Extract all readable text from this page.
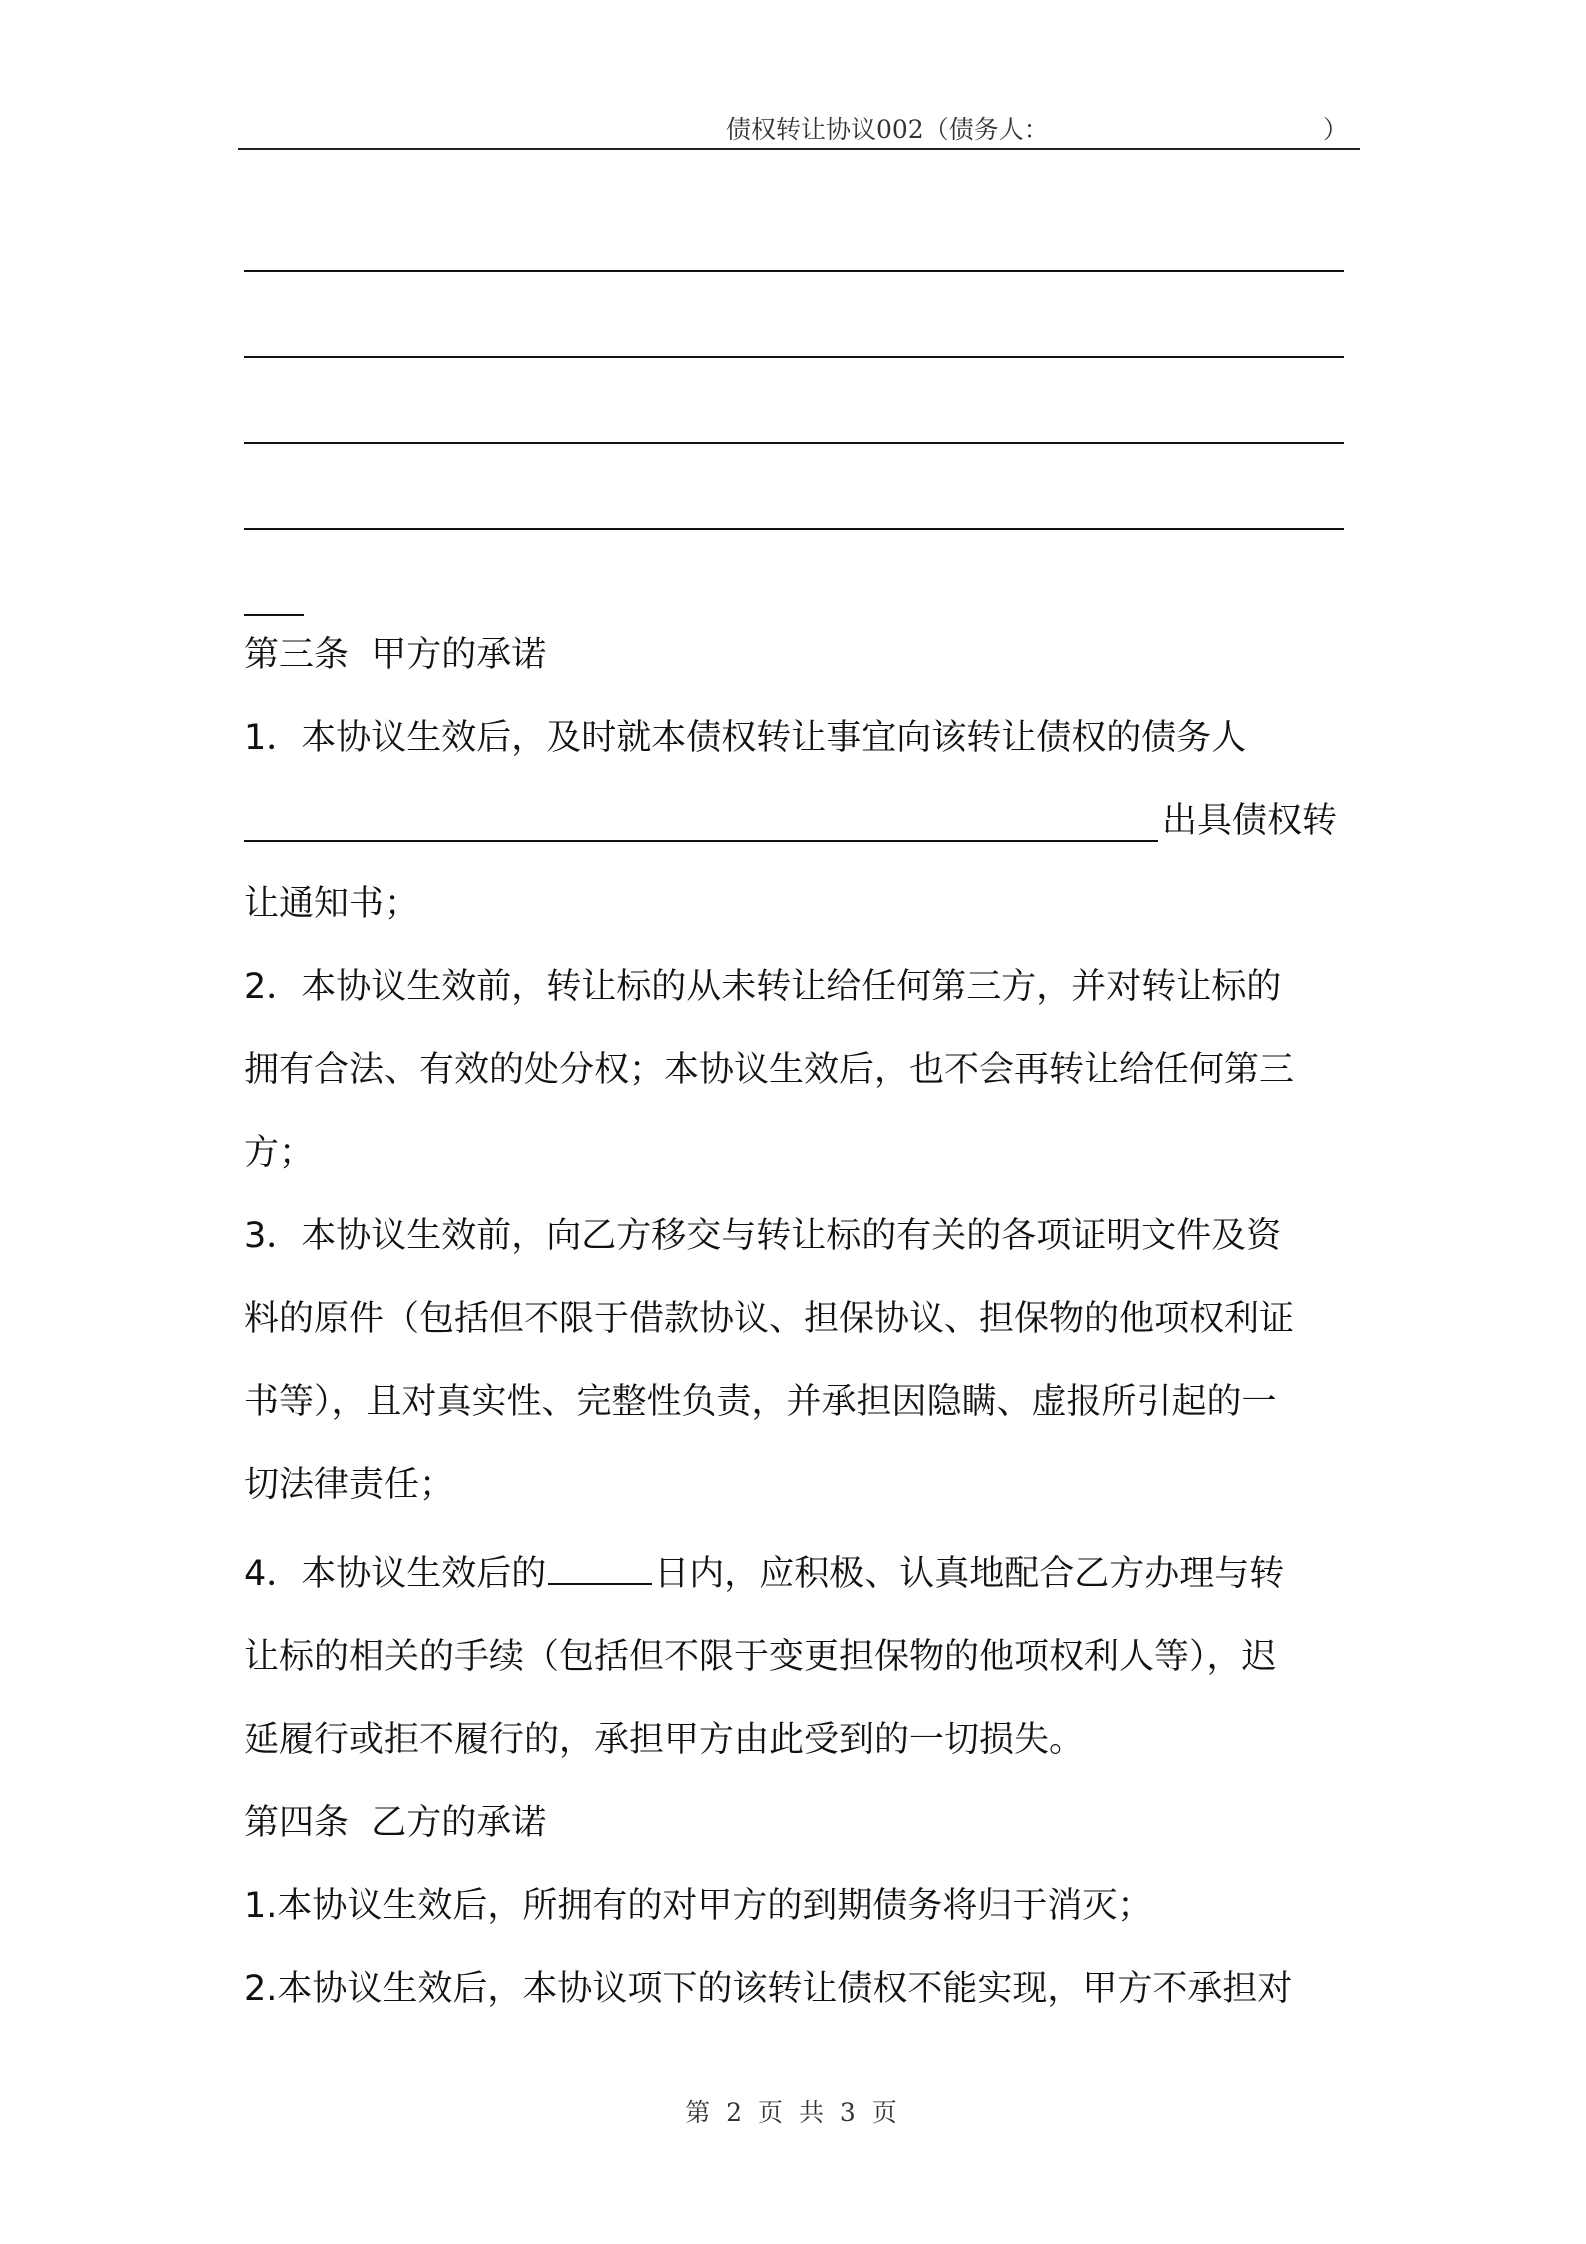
债权转让协议002（债务人：	）

第三条  甲方的承诺

1．本协议生效后，及时就本债权转让事宜向该转让债权的债务人

出具债权转

让通知书；

2．本协议生效前，转让标的从未转让给任何第三方，并对转让标的

拥有合法、有效的处分权；本协议生效后，也不会再转让给任何第三

方；

3．本协议生效前，向乙方移交与转让标的有关的各项证明文件及资

料的原件（包括但不限于借款协议、担保协议、担保物的他项权利证

书等），且对真实性、完整性负责，并承担因隐瞒、虚报所引起的一

切法律责任；

4．本协议生效后的	日内，应积极、认真地配合乙方办理与转

让标的相关的手续（包括但不限于变更担保物的他项权利人等），迟

延履行或拒不履行的，承担甲方由此受到的一切损失。

第四条  乙方的承诺

1.本协议生效后，所拥有的对甲方的到期债务将归于消灭；

2.本协议生效后，本协议项下的该转让债权不能实现，甲方不承担对

第 2 页 共 3 页
